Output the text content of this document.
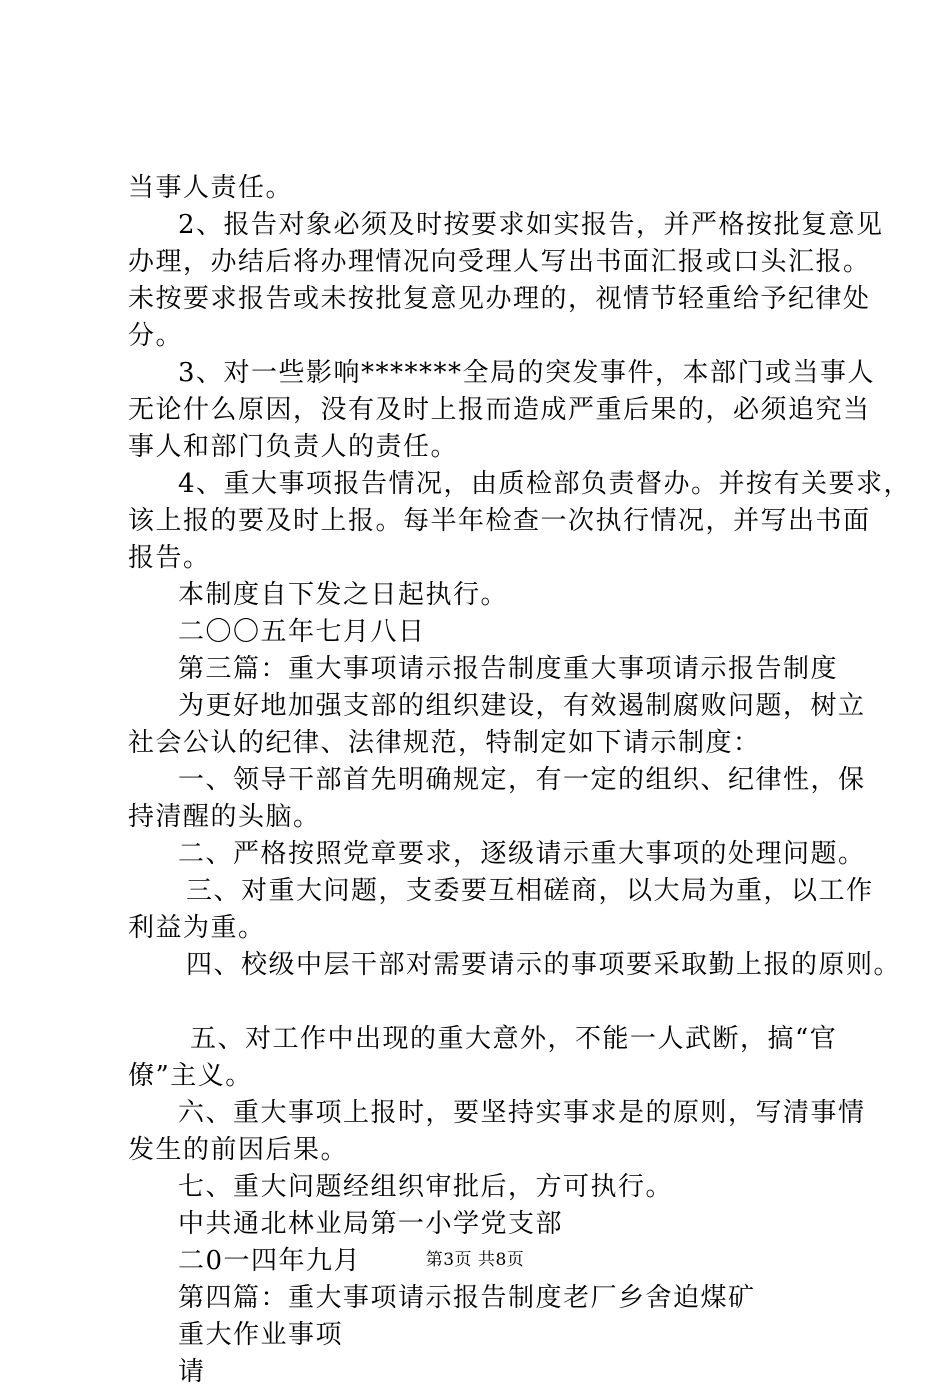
当事人责任。
2、报告对象必须及时按要求如实报告，并严格按批复意见
办理，办结后将办理情况向受理人写出书面汇报或口头汇报。
未按要求报告或未按批复意见办理的，视情节轻重给予纪律处
分。
3、对一些影响*******全局的突发事件，本部门或当事人
无论什么原因，没有及时上报而造成严重后果的，必须追究当
事人和部门负责人的责任。
4、重大事项报告情况，由质检部负责督办。并按有关要求，
该上报的要及时上报。每半年检查一次执行情况，并写出书面
报告。
本制度自下发之日起执行。
二〇〇五年七月八日
第三篇：重大事项请示报告制度重大事项请示报告制度
为更好地加强支部的组织建设，有效遏制腐败问题，树立
社会公认的纪律、法律规范，特制定如下请示制度：
一、领导干部首先明确规定，有一定的组织、纪律性，保
持清醒的头脑。
二、严格按照党章要求，逐级请示重大事项的处理问题。
三、对重大问题，支委要互相磋商，以大局为重，以工作
利益为重。
四、校级中层干部对需要请示的事项要采取勤上报的原则。
五、对工作中出现的重大意外，不能一人武断，搞“官
僚”主义。
六、重大事项上报时，要坚持实事求是的原则，写清事情
发生的前因后果。
七、重大问题经组织审批后，方可执行。
中共通北林业局第一小学党支部
二0一四年九月
第四篇：重大事项请示报告制度老厂乡舍迫煤矿
重大作业事项
请
第3页 共8页
